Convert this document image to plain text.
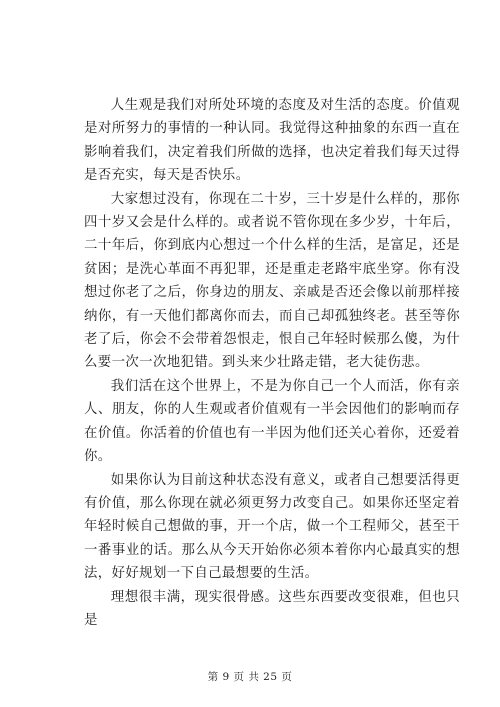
人生观是我们对所处环境的态度及对生活的态度。价值观是对所努力的事情的一种认同。我觉得这种抽象的东西一直在影响着我们，决定着我们所做的选择，也决定着我们每天过得是否充实，每天是否快乐。

大家想过没有，你现在二十岁，三十岁是什么样的，那你四十岁又会是什么样的。或者说不管你现在多少岁，十年后，二十年后，你到底内心想过一个什么样的生活，是富足，还是贫困；是洗心革面不再犯罪，还是重走老路牢底坐穿。你有没想过你老了之后，你身边的朋友、亲戚是否还会像以前那样接纳你，有一天他们都离你而去，而自己却孤独终老。甚至等你老了后，你会不会带着怨恨走，恨自己年轻时候那么傻，为什么要一次一次地犯错。到头来少壮路走错，老大徒伤悲。

我们活在这个世界上，不是为你自己一个人而活，你有亲人、朋友，你的人生观或者价值观有一半会因他们的影响而存在价值。你活着的价值也有一半因为他们还关心着你，还爱着你。

如果你认为目前这种状态没有意义，或者自己想要活得更有价值，那么你现在就必须更努力改变自己。如果你还坚定着年轻时候自己想做的事，开一个店，做一个工程师父，甚至干一番事业的话。那么从今天开始你必须本着你内心最真实的想法，好好规划一下自己最想要的生活。

理想很丰满，现实很骨感。这些东西要改变很难，但也只是

第 9 页 共 25 页
